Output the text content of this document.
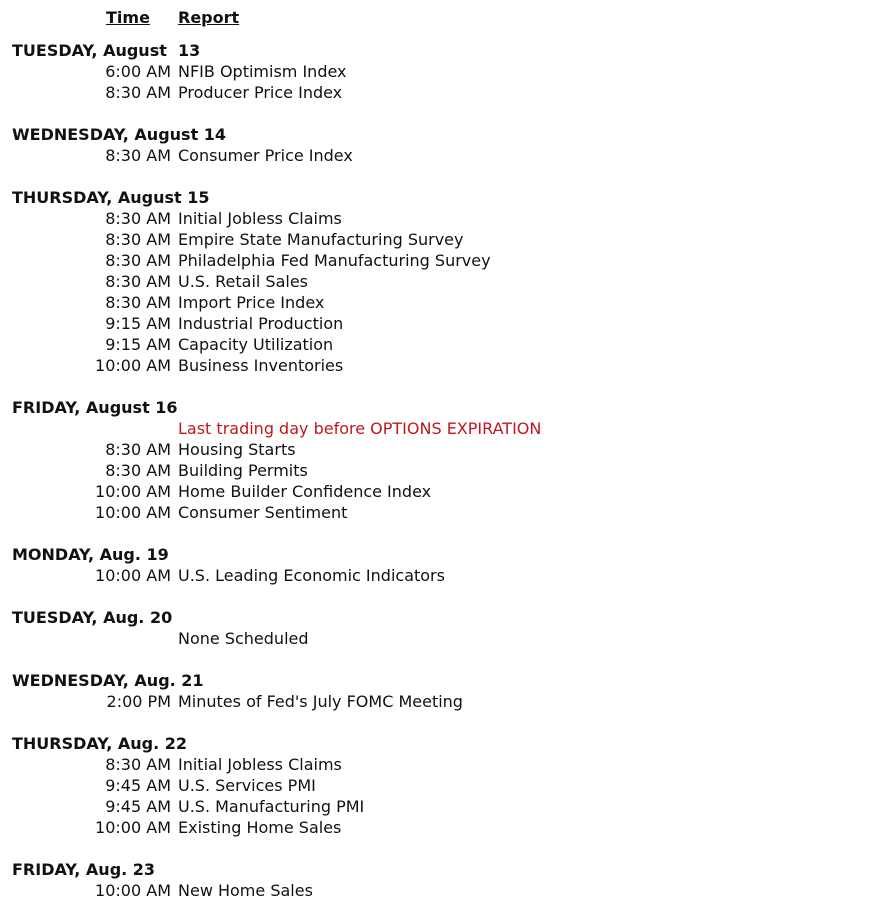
Time	Report
TUESDAY, August  13
6:00 AM NFIB Optimism Index
8:30 AM Producer Price Index
WEDNESDAY, August 14
8:30 AM Consumer Price Index
THURSDAY, August 15
8:30 AM Initial Jobless Claims
8:30 AM Empire State Manufacturing Survey
8:30 AM Philadelphia Fed Manufacturing Survey
8:30 AM U.S. Retail Sales
8:30 AM Import Price Index
9:15 AM Industrial Production
9:15 AM Capacity Utilization
10:00 AM Business Inventories
FRIDAY, August 16
Last trading day before OPTIONS EXPIRATION
8:30 AM Housing Starts
8:30 AM Building Permits
10:00 AM Home Builder Confidence Index
10:00 AM Consumer Sentiment
MONDAY, Aug. 19
10:00 AM U.S. Leading Economic Indicators
TUESDAY, Aug. 20
None Scheduled
WEDNESDAY, Aug. 21
2:00 PM Minutes of Fed's July FOMC Meeting
THURSDAY, Aug. 22
8:30 AM Initial Jobless Claims
9:45 AM U.S. Services PMI
9:45 AM U.S. Manufacturing PMI
10:00 AM Existing Home Sales
FRIDAY, Aug. 23
10:00 AM New Home Sales
